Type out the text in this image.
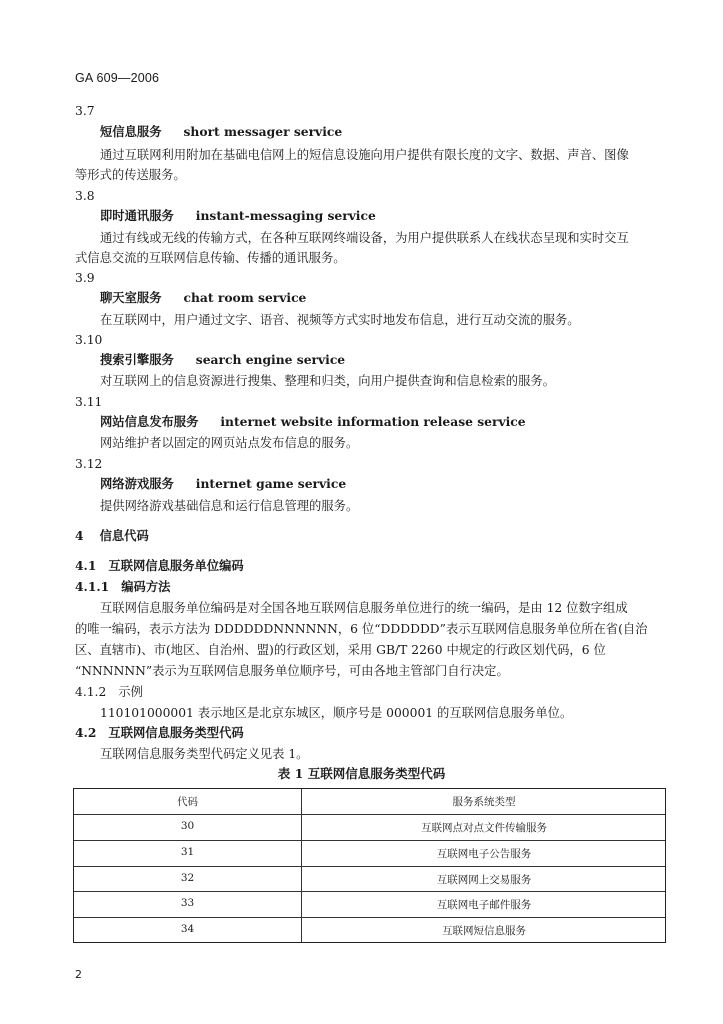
GA 609—2006
3.7
短信息服务 short messager service
通过互联网利用附加在基础电信网上的短信息设施向用户提供有限长度的文字、数据、声音、图像
等形式的传送服务。
3.8
即时通讯服务 instant-messaging service
通过有线或无线的传输方式，在各种互联网终端设备，为用户提供联系人在线状态呈现和实时交互
式信息交流的互联网信息传输、传播的通讯服务。
3.9
聊天室服务 chat room service
在互联网中，用户通过文字、语音、视频等方式实时地发布信息，进行互动交流的服务。
3.10
搜索引擎服务 search engine service
对互联网上的信息资源进行搜集、整理和归类，向用户提供查询和信息检索的服务。
3.11
网站信息发布服务 internet website information release service
网站维护者以固定的网页站点发布信息的服务。
3.12
网络游戏服务 internet game service
提供网络游戏基础信息和运行信息管理的服务。
4 信息代码
4.1 互联网信息服务单位编码
4.1.1 编码方法
互联网信息服务单位编码是对全国各地互联网信息服务单位进行的统一编码，是由 12 位数字组成
的唯一编码，表示方法为 DDDDDDNNNNNN，6 位“DDDDDD”表示互联网信息服务单位所在省(自治
区、直辖市)、市(地区、自治州、盟)的行政区划，采用 GB/T 2260 中规定的行政区划代码，6 位
“NNNNNN”表示为互联网信息服务单位顺序号，可由各地主管部门自行决定。
4.1.2 示例
110101000001 表示地区是北京东城区，顺序号是 000001 的互联网信息服务单位。
4.2 互联网信息服务类型代码
互联网信息服务类型代码定义见表 1。
表 1 互联网信息服务类型代码
代码	服务系统类型
30	互联网点对点文件传输服务
31	互联网电子公告服务
32	互联网网上交易服务
33	互联网电子邮件服务
34	互联网短信息服务
2
